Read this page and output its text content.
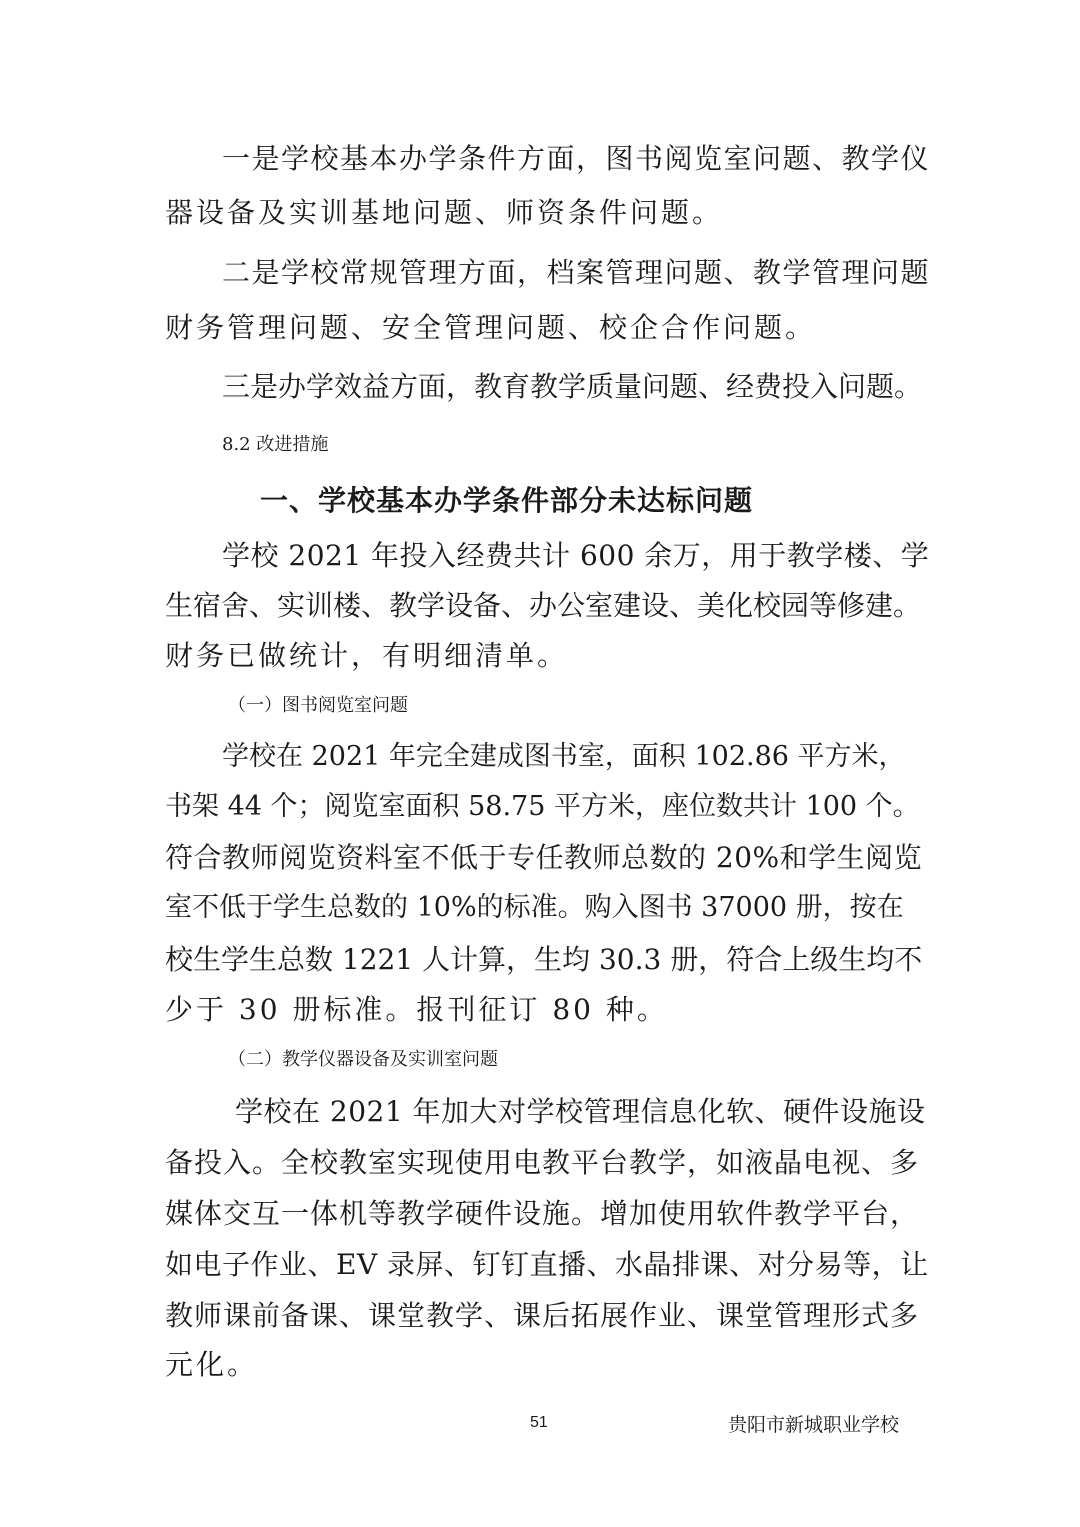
一是学校基本办学条件方面，图书阅览室问题、教学仪

器设备及实训基地问题、师资条件问题。

二是学校常规管理方面，档案管理问题、教学管理问题

财务管理问题、安全管理问题、校企合作问题。

三是办学效益方面，教育教学质量问题、经费投入问题。

8.2 改进措施

一、学校基本办学条件部分未达标问题

学校 2021 年投入经费共计 600 余万，用于教学楼、学

生宿舍、实训楼、教学设备、办公室建设、美化校园等修建。

财务已做统计，有明细清单。

（一）图书阅览室问题

学校在 2021 年完全建成图书室，面积 102.86 平方米，

书架 44 个；阅览室面积 58.75 平方米，座位数共计 100 个。

符合教师阅览资料室不低于专任教师总数的 20%和学生阅览

室不低于学生总数的 10%的标准。购入图书 37000 册，按在

校生学生总数 1221 人计算，生均 30.3 册，符合上级生均不

少于 30 册标准。报刊征订 80 种。

（二）教学仪器设备及实训室问题

学校在 2021 年加大对学校管理信息化软、硬件设施设

备投入。全校教室实现使用电教平台教学，如液晶电视、多

媒体交互一体机等教学硬件设施。增加使用软件教学平台，

如电子作业、EV 录屏、钉钉直播、水晶排课、对分易等，让

教师课前备课、课堂教学、课后拓展作业、课堂管理形式多

元化。

51	贵阳市新城职业学校
